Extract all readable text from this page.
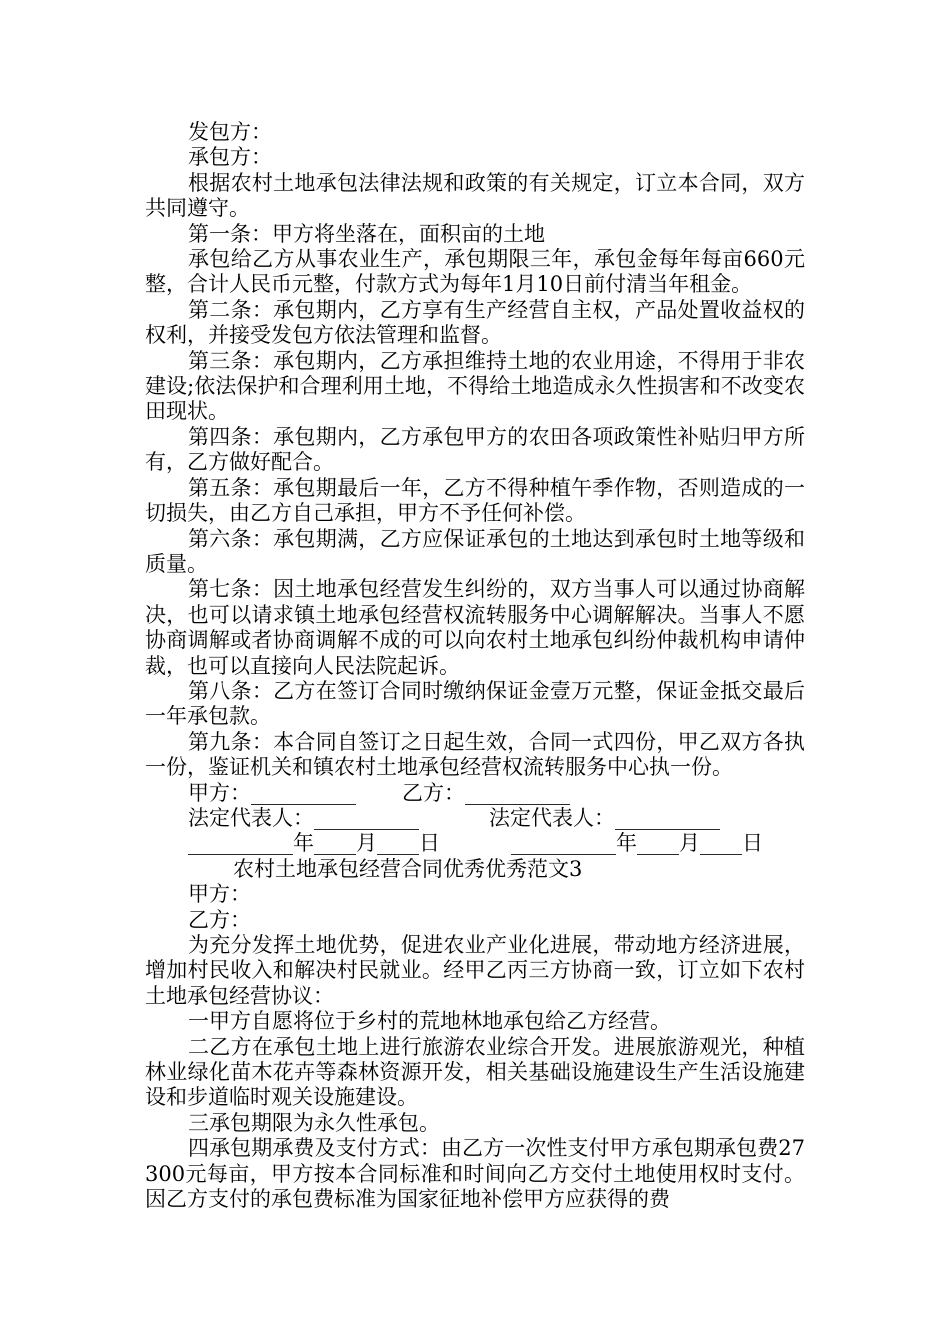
发包方：

承包方：

根据农村土地承包法律法规和政策的有关规定，订立本合同，双方共同遵守。

第一条：甲方将坐落在，面积亩的土地

承包给乙方从事农业生产，承包期限三年，承包金每年每亩660元整，合计人民币元整，付款方式为每年1月10日前付清当年租金。

第二条：承包期内，乙方享有生产经营自主权，产品处置收益权的权利，并接受发包方依法管理和监督。

第三条：承包期内，乙方承担维持土地的农业用途，不得用于非农建设;依法保护和合理利用土地，不得给土地造成永久性损害和不改变农田现状。

第四条：承包期内，乙方承包甲方的农田各项政策性补贴归甲方所有，乙方做好配合。

第五条：承包期最后一年，乙方不得种植午季作物，否则造成的一切损失，由乙方自己承担，甲方不予任何补偿。

第六条：承包期满，乙方应保证承包的土地达到承包时土地等级和质量。

第七条：因土地承包经营发生纠纷的，双方当事人可以通过协商解决，也可以请求镇土地承包经营权流转服务中心调解解决。当事人不愿协商调解或者协商调解不成的可以向农村土地承包纠纷仲裁机构申请仲裁，也可以直接向人民法院起诉。

第八条：乙方在签订合同时缴纳保证金壹万元整，保证金抵交最后一年承包款。

第九条：本合同自签订之日起生效，合同一式四份，甲乙双方各执一份，鉴证机关和镇农村土地承包经营权流转服务中心执一份。

甲方：__________

乙方：__________

法定代表人：__________

	法定代表人：__________

__________年____月____日

	__________年____月____日

农村土地承包经营合同优秀优秀范文3

甲方：

乙方：

为充分发挥土地优势，促进农业产业化进展，带动地方经济进展，增加村民收入和解决村民就业。经甲乙丙三方协商一致，订立如下农村土地承包经营协议：

一甲方自愿将位于乡村的荒地林地承包给乙方经营。

二乙方在承包土地上进行旅游农业综合开发。进展旅游观光，种植林业绿化苗木花卉等森林资源开发，相关基础设施建设生产生活设施建设和步道临时观关设施建设。

三承包期限为永久性承包。

四承包期承费及支付方式：由乙方一次性支付甲方承包期承包费27300元每亩，甲方按本合同标准和时间向乙方交付土地使用权时支付。因乙方支付的承包费标准为国家征地补偿甲方应获得的费
